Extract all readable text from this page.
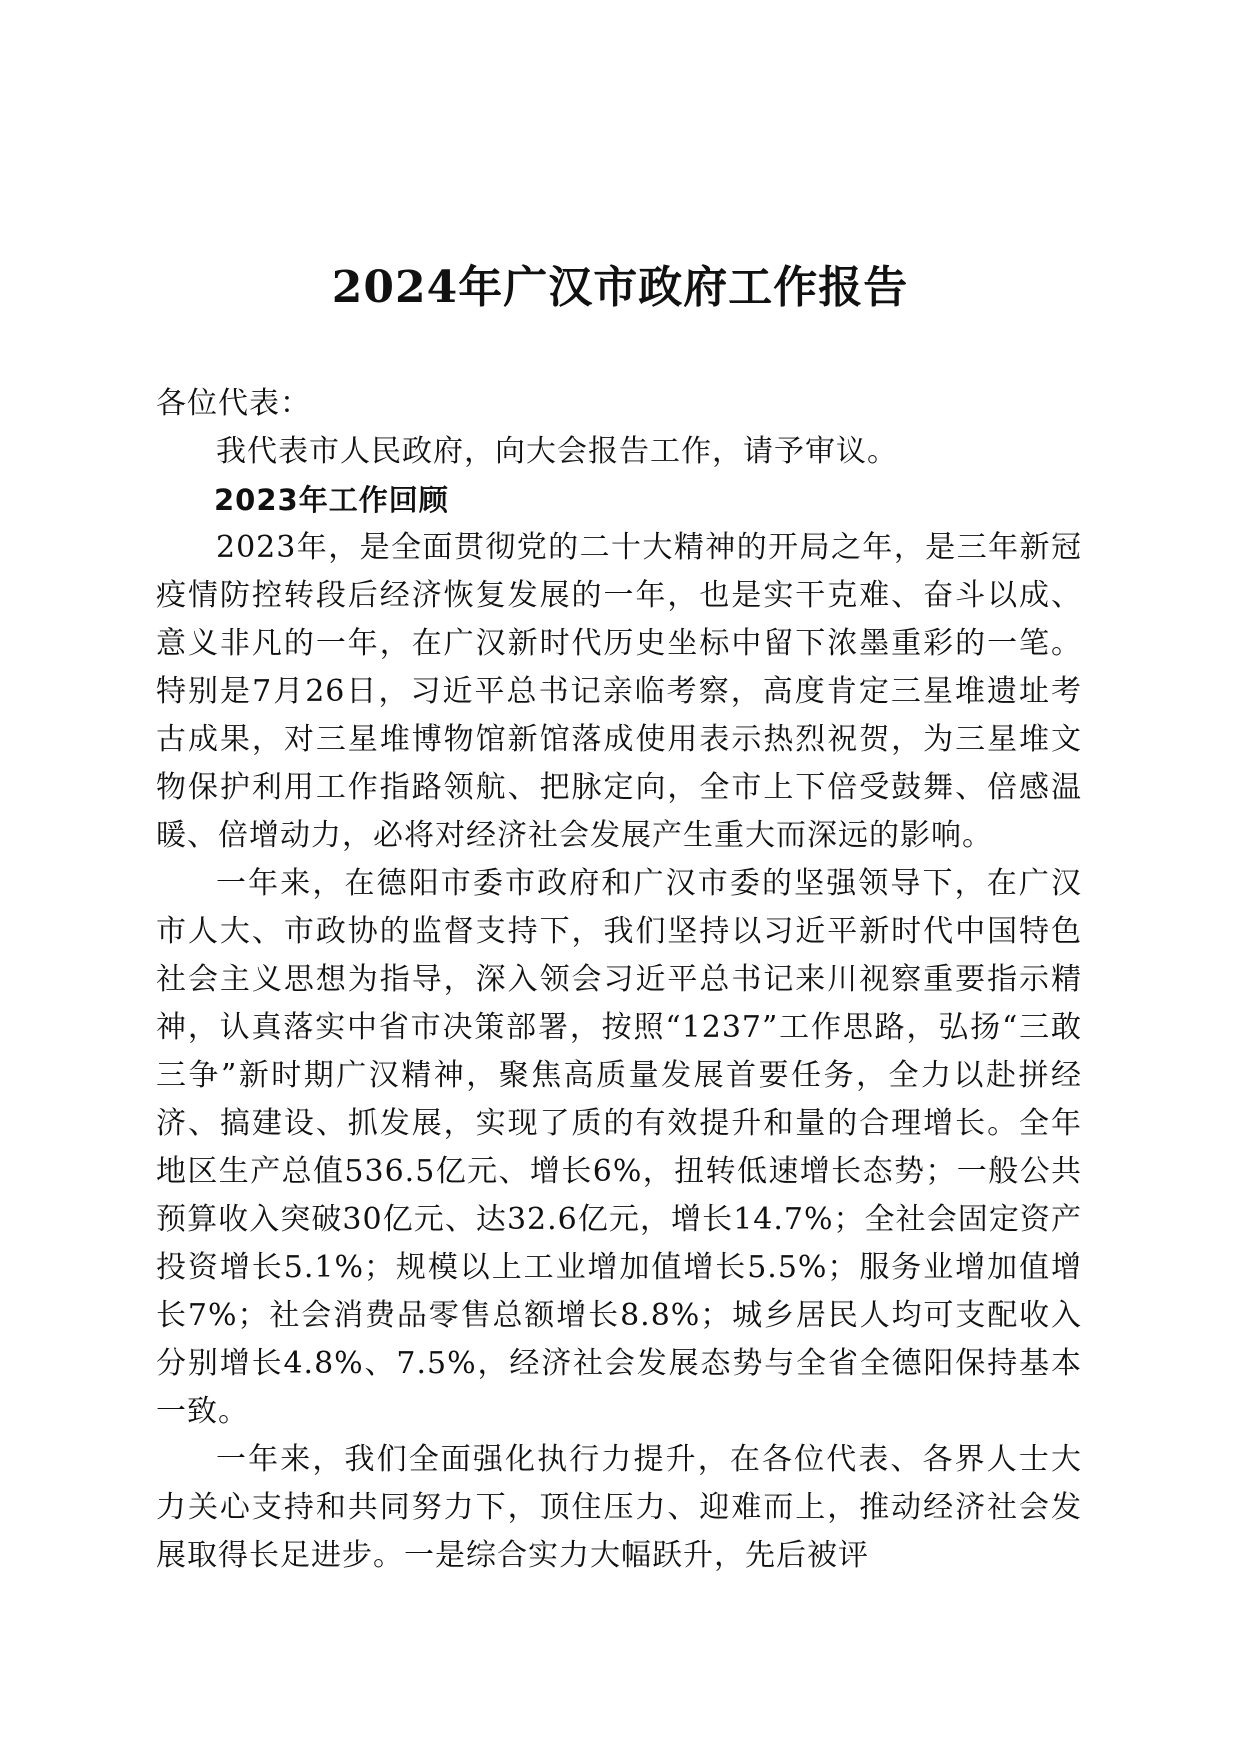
2024年广汉市政府工作报告

各位代表：

我代表市人民政府，向大会报告工作，请予审议。

2023年工作回顾

2023年，是全面贯彻党的二十大精神的开局之年，是三年新冠疫情防控转段后经济恢复发展的一年，也是实干克难、奋斗以成、意义非凡的一年，在广汉新时代历史坐标中留下浓墨重彩的一笔。特别是7月26日，习近平总书记亲临考察，高度肯定三星堆遗址考古成果，对三星堆博物馆新馆落成使用表示热烈祝贺，为三星堆文物保护利用工作指路领航、把脉定向，全市上下倍受鼓舞、倍感温暖、倍增动力，必将对经济社会发展产生重大而深远的影响。

一年来，在德阳市委市政府和广汉市委的坚强领导下，在广汉市人大、市政协的监督支持下，我们坚持以习近平新时代中国特色社会主义思想为指导，深入领会习近平总书记来川视察重要指示精神，认真落实中省市决策部署，按照“1237”工作思路，弘扬“三敢三争”新时期广汉精神，聚焦高质量发展首要任务，全力以赴拼经济、搞建设、抓发展，实现了质的有效提升和量的合理增长。全年地区生产总值536.5亿元、增长6%，扭转低速增长态势；一般公共预算收入突破30亿元、达32.6亿元，增长14.7%；全社会固定资产投资增长5.1%；规模以上工业增加值增长5.5%；服务业增加值增长7%；社会消费品零售总额增长8.8%；城乡居民人均可支配收入分别增长4.8%、7.5%，经济社会发展态势与全省全德阳保持基本一致。

一年来，我们全面强化执行力提升，在各位代表、各界人士大力关心支持和共同努力下，顶住压力、迎难而上，推动经济社会发展取得长足进步。一是综合实力大幅跃升，先后被评
